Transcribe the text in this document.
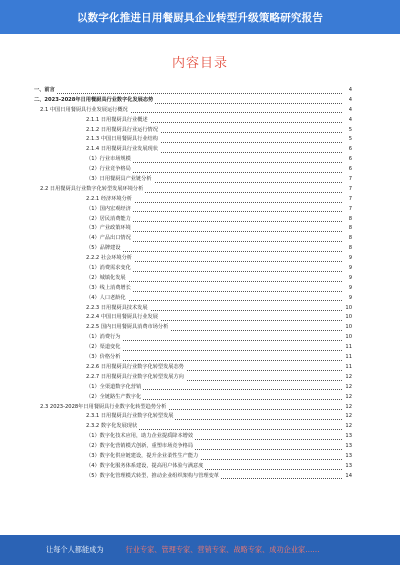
以数字化推进日用餐厨具企业转型升级策略研究报告
内容目录
一、前言	4
二、2023-2028年日用餐厨具行业数字化发展态势	4
2.1 中国日用餐厨具行业发展运行概况	4
2.1.1 日用餐厨具行业概述	4
2.1.2 日用餐厨具行业运行情况	5
2.1.3 中国日用餐厨具行业结构	5
2.1.4 日用餐厨具行业发展现状	6
（1）行业市场规模	6
（2）行业竞争格局	6
（3）日用餐厨具产业链分析	7
2.2 日用餐厨具行业数字化转型发展环境分析	7
2.2.1 经济环境分析	7
（1）国内宏观经济	7
（2）居民消费能力	8
（3）产业政策环境	8
（4）产品出口情况	8
（5）品牌建设	8
2.2.2 社会环境分析	9
（1）消费需求变化	9
（2）城镇化发展	9
（3）线上消费增长	9
（4）人口老龄化	9
2.2.3 日用餐厨具技术发展	10
2.2.4 中国日用餐厨具行业发展	10
2.2.5 国内日用餐厨具消费市场分析	10
（1）消费行为	10
（2）渠道变化	11
（3）价格分析	11
2.2.6 日用餐厨具行业数字化转型发展态势	11
2.2.7 日用餐厨具行业数字化转型发展方向	12
（1）全渠道数字化营销	12
（2）全链路生产数字化	12
2.3 2023-2028年日用餐厨具行业数字化转型趋势分析	12
2.3.1 日用餐厨具行业数字化转型发展	12
2.3.2 数字化发展现状	12
（1）数字化技术应用，助力企业提质降本增效	13
（2）数字化营销模式创新，重塑市场竞争格局	13
（3）数字化供应链建设，提升企业柔性生产能力	13
（4）数字化服务体系建设，提高用户体验与满意度	13
（5）数字化管理模式转型，推动企业组织架构与管理变革	14
让每个人都能成为	行业专家、管理专家、营销专家、战略专家、成功企业家……
